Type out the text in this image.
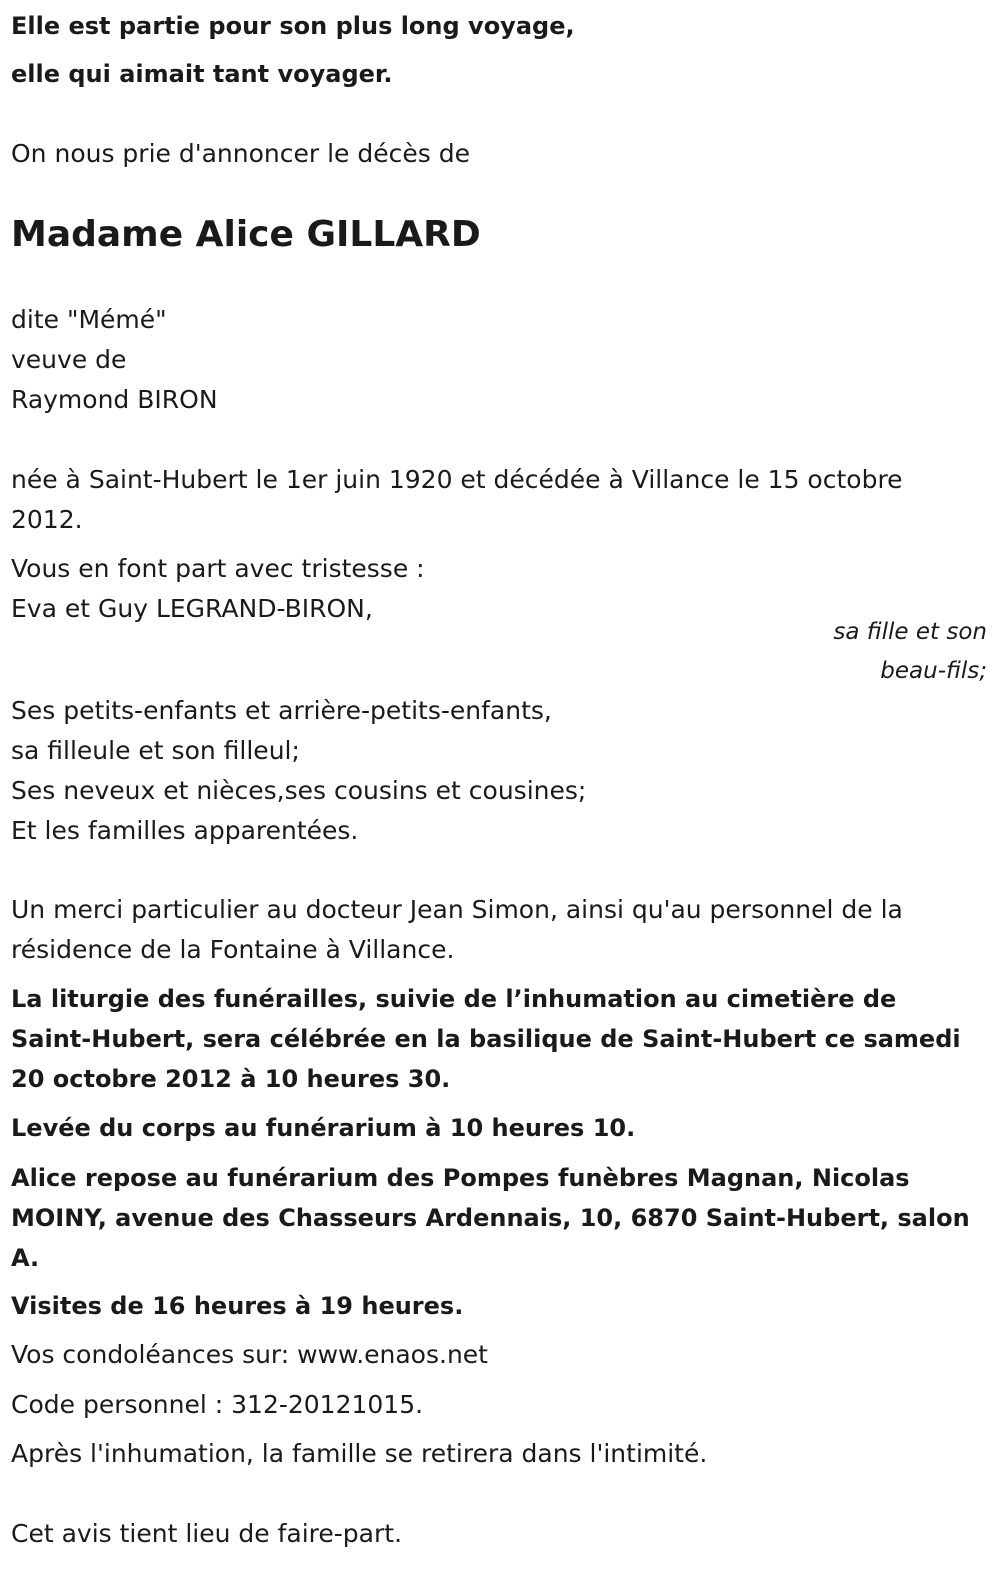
Elle est partie pour son plus long voyage,
elle qui aimait tant voyager.
On nous prie d'annoncer le décès de
Madame Alice GILLARD
dite "Mémé"
veuve de
Raymond BIRON
née à Saint-Hubert le 1er juin 1920 et décédée à Villance le 15 octobre
2012.
Vous en font part avec tristesse :
Eva et Guy LEGRAND-BIRON,
sa fille et son
beau-fils;
Ses petits-enfants et arrière-petits-enfants,
sa filleule et son filleul;
Ses neveux et nièces,ses cousins et cousines;
Et les familles apparentées.
Un merci particulier au docteur Jean Simon, ainsi qu'au personnel de la
résidence de la Fontaine à Villance.
La liturgie des funérailles, suivie de l’inhumation au cimetière de
Saint-Hubert, sera célébrée en la basilique de Saint-Hubert ce samedi
20 octobre 2012 à 10 heures 30.
Levée du corps au funérarium à 10 heures 10.
Alice repose au funérarium des Pompes funèbres Magnan, Nicolas
MOINY, avenue des Chasseurs Ardennais, 10, 6870 Saint-Hubert, salon
A.
Visites de 16 heures à 19 heures.
Vos condoléances sur: www.enaos.net
Code personnel : 312-20121015.
Après l'inhumation, la famille se retirera dans l'intimité.
Cet avis tient lieu de faire-part.
